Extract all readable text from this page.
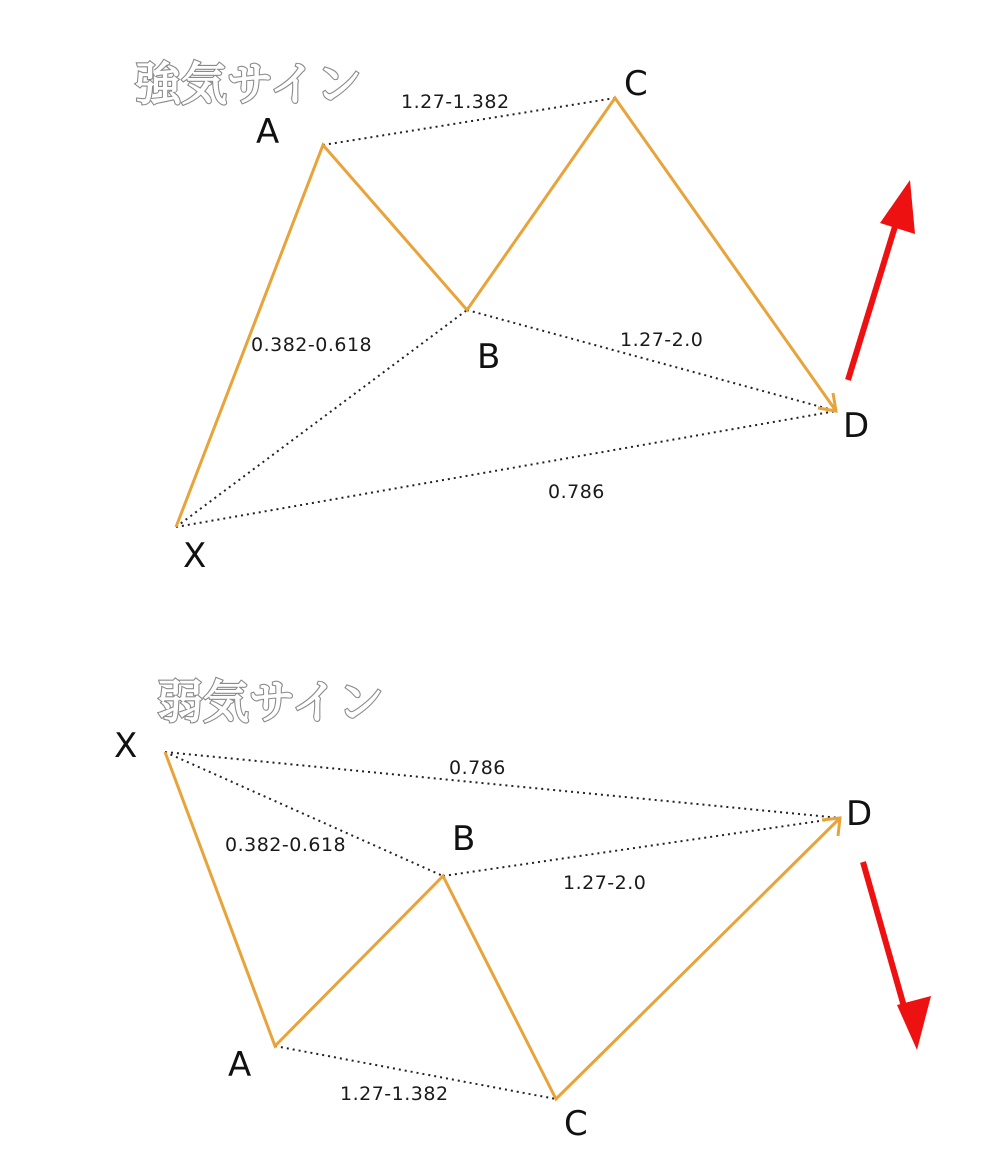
強気サイン
X
A
B
C
D
0.382-0.618
1.27-1.382
1.27-2.0
0.786
弱気サイン
X
A
B
C
D
0.382-0.618
1.27-1.382
1.27-2.0
0.786
